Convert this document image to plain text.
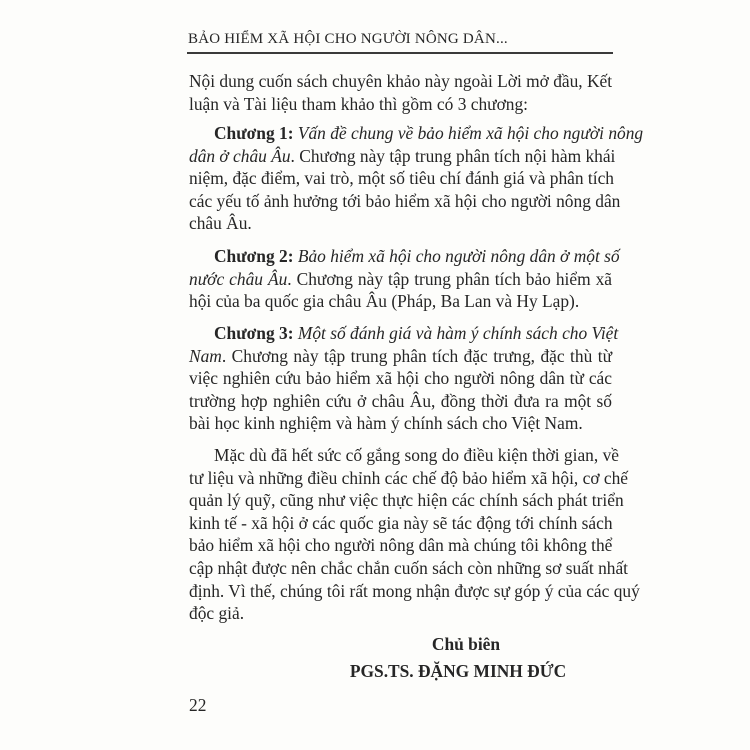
BẢO HIỂM XÃ HỘI CHO NGƯỜI NÔNG DÂN...
Nội dung cuốn sách chuyên khảo này ngoài Lời mở đầu, Kết
luận và Tài liệu tham khảo thì gồm có 3 chương:
Chương 1: Vấn đề chung về bảo hiểm xã hội cho người nông
dân ở châu Âu. Chương này tập trung phân tích nội hàm khái
niệm, đặc điểm, vai trò, một số tiêu chí đánh giá và phân tích
các yếu tố ảnh hưởng tới bảo hiểm xã hội cho người nông dân
châu Âu.
Chương 2: Bảo hiểm xã hội cho người nông dân ở một số
nước châu Âu. Chương này tập trung phân tích bảo hiểm xã
hội của ba quốc gia châu Âu (Pháp, Ba Lan và Hy Lạp).
Chương 3: Một số đánh giá và hàm ý chính sách cho Việt
Nam. Chương này tập trung phân tích đặc trưng, đặc thù từ
việc nghiên cứu bảo hiểm xã hội cho người nông dân từ các
trường hợp nghiên cứu ở châu Âu, đồng thời đưa ra một số
bài học kinh nghiệm và hàm ý chính sách cho Việt Nam.
Mặc dù đã hết sức cố gắng song do điều kiện thời gian, về
tư liệu và những điều chỉnh các chế độ bảo hiểm xã hội, cơ chế
quản lý quỹ, cũng như việc thực hiện các chính sách phát triển
kinh tế - xã hội ở các quốc gia này sẽ tác động tới chính sách
bảo hiểm xã hội cho người nông dân mà chúng tôi không thể
cập nhật được nên chắc chắn cuốn sách còn những sơ suất nhất
định. Vì thế, chúng tôi rất mong nhận được sự góp ý của các quý
độc giả.
Chủ biên
PGS.TS. ĐẶNG MINH ĐỨC
22
